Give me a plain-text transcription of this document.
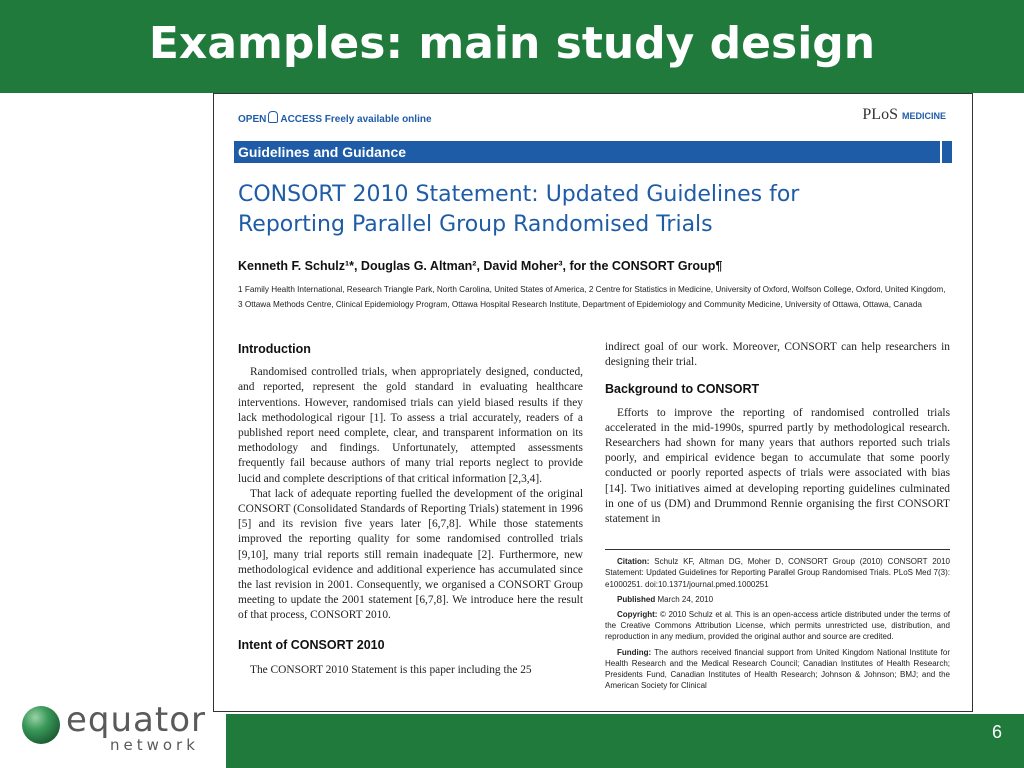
Examples: main study design
OPEN ACCESS Freely available online	PLoS MEDICINE
Guidelines and Guidance
CONSORT 2010 Statement: Updated Guidelines for
Reporting Parallel Group Randomised Trials
Kenneth F. Schulz¹*, Douglas G. Altman², David Moher³, for the CONSORT Group¶
1 Family Health International, Research Triangle Park, North Carolina, United States of America, 2 Centre for Statistics in Medicine, University of Oxford, Wolfson College, Oxford, United Kingdom, 3 Ottawa Methods Centre, Clinical Epidemiology Program, Ottawa Hospital Research Institute, Department of Epidemiology and Community Medicine, University of Ottawa, Ottawa, Canada
Introduction

Randomised controlled trials, when appropriately designed, conducted, and reported, represent the gold standard in evaluating healthcare interventions. However, randomised trials can yield biased results if they lack methodological rigour [1]. To assess a trial accurately, readers of a published report need complete, clear, and transparent information on its methodology and findings. Unfortunately, attempted assessments frequently fail because authors of many trial reports neglect to provide lucid and complete descriptions of that critical information [2,3,4].

That lack of adequate reporting fuelled the development of the original CONSORT (Consolidated Standards of Reporting Trials) statement in 1996 [5] and its revision five years later [6,7,8]. While those statements improved the reporting quality for some randomised controlled trials [9,10], many trial reports still remain inadequate [2]. Furthermore, new methodological evidence and additional experience has accumulated since the last revision in 2001. Consequently, we organised a CONSORT Group meeting to update the 2001 statement [6,7,8]. We introduce here the result of that process, CONSORT 2010.

Intent of CONSORT 2010

The CONSORT 2010 Statement is this paper including the 25

indirect goal of our work. Moreover, CONSORT can help researchers in designing their trial.

Background to CONSORT

Efforts to improve the reporting of randomised controlled trials accelerated in the mid-1990s, spurred partly by methodological research. Researchers had shown for many years that authors reported such trials poorly, and empirical evidence began to accumulate that some poorly conducted or poorly reported aspects of trials were associated with bias [14]. Two initiatives aimed at developing reporting guidelines culminated in one of us (DM) and Drummond Rennie organising the first CONSORT statement in

Citation: Schulz KF, Altman DG, Moher D, CONSORT Group (2010) CONSORT 2010 Statement: Updated Guidelines for Reporting Parallel Group Randomised Trials. PLoS Med 7(3): e1000251. doi:10.1371/journal.pmed.1000251

Published March 24, 2010

Copyright: © 2010 Schulz et al. This is an open-access article distributed under the terms of the Creative Commons Attribution License, which permits unrestricted use, distribution, and reproduction in any medium, provided the original author and source are credited.

Funding: The authors received financial support from United Kingdom National Institute for Health Research and the Medical Research Council; Canadian Institutes of Health Research; Presidents Fund, Canadian Institutes of Health Research; Johnson & Johnson; BMJ; and the American Society for Clinical

equator
network
6
